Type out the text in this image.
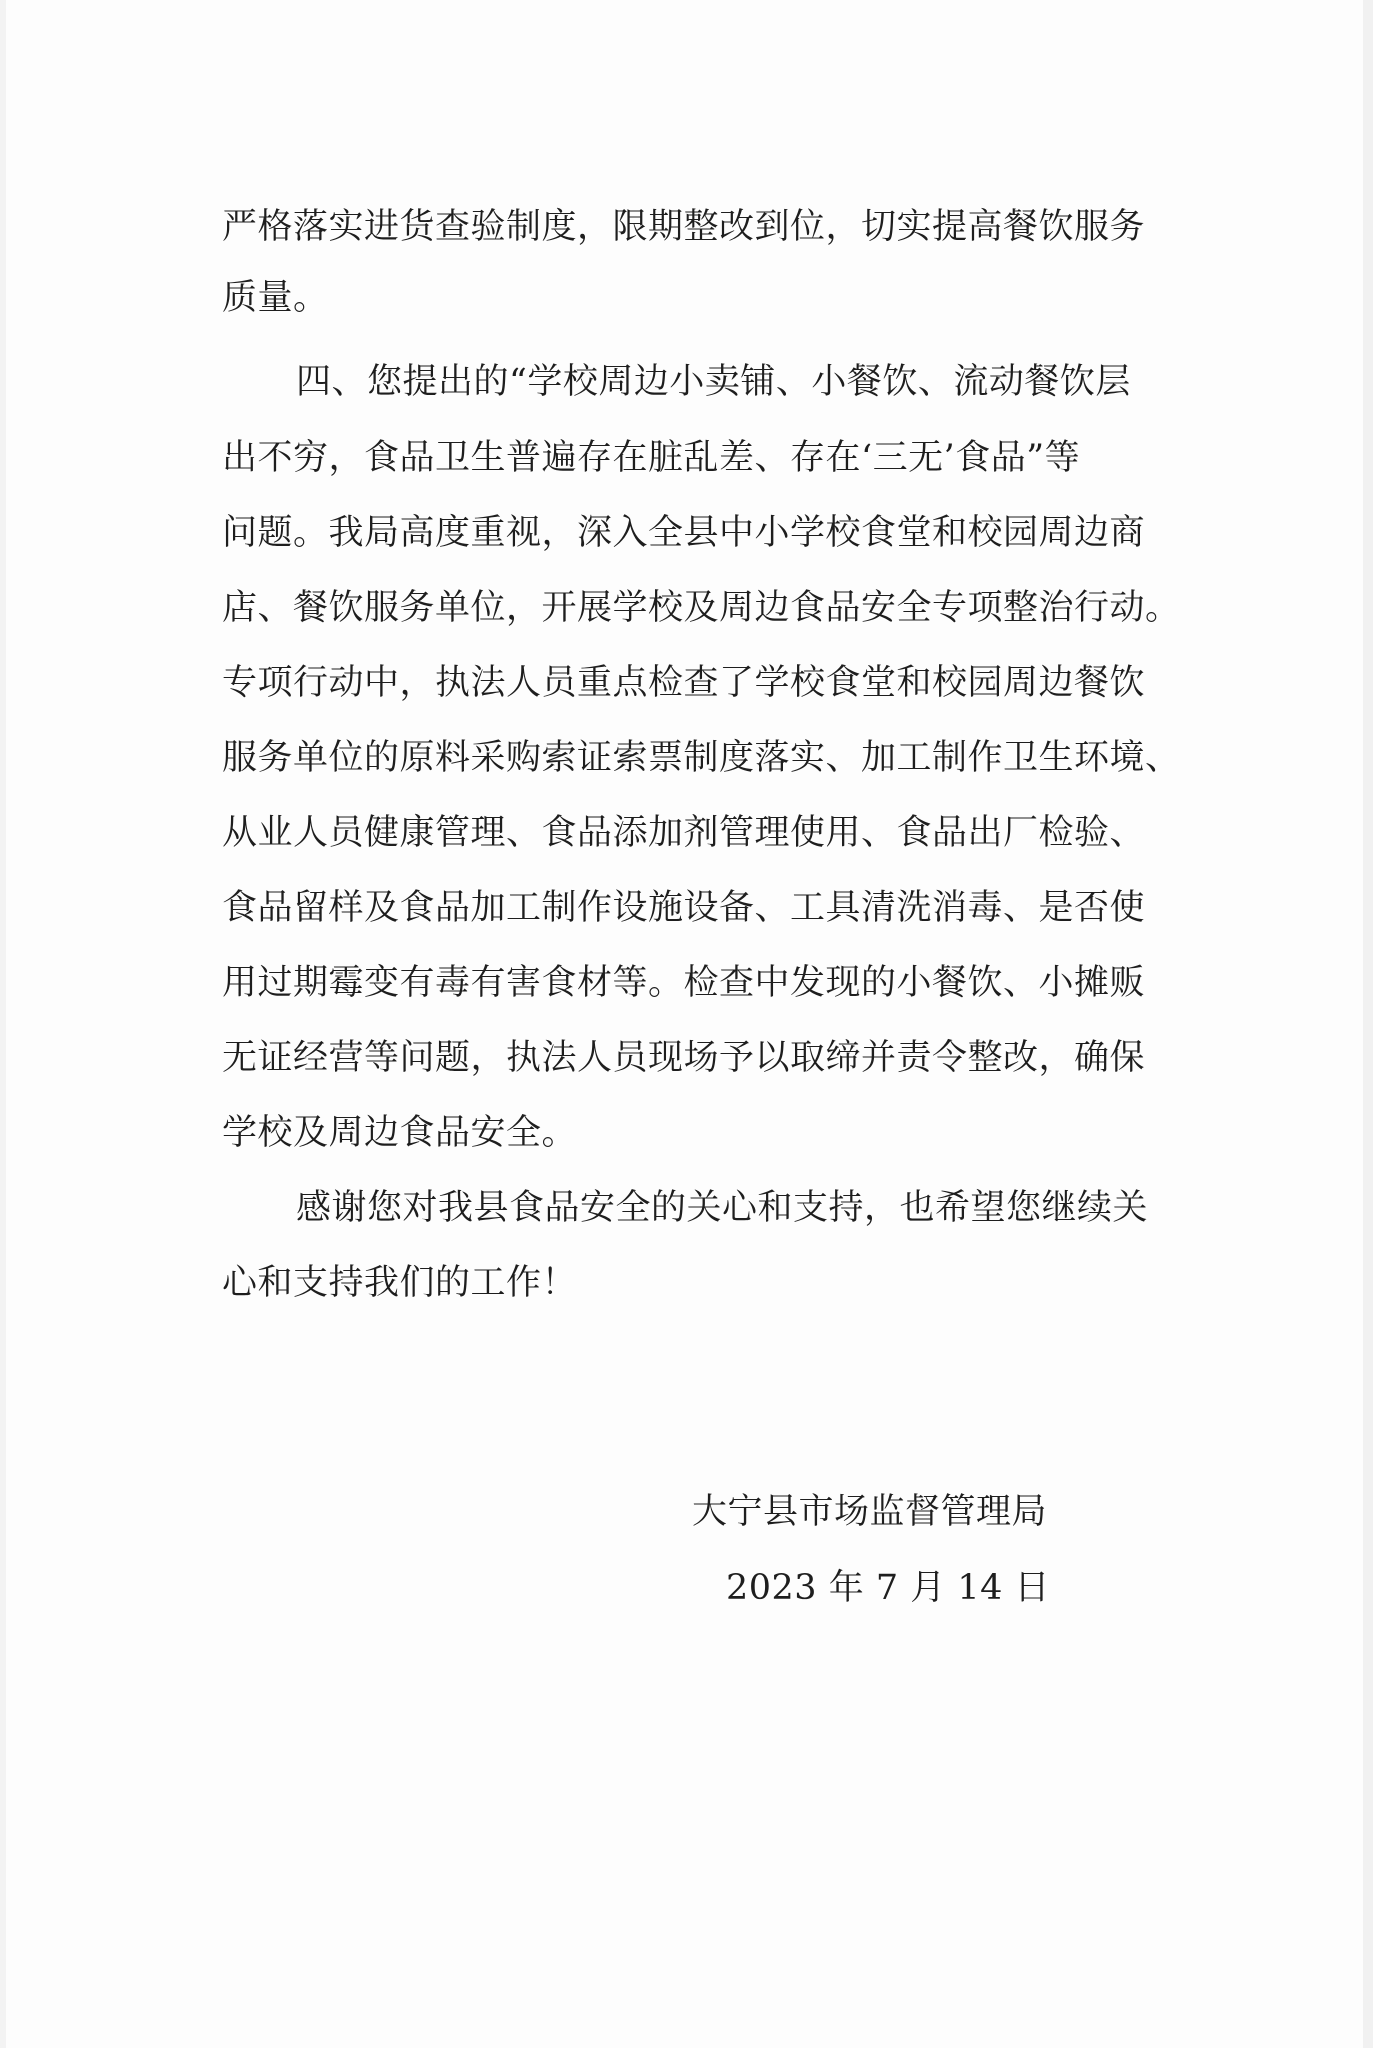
严格落实进货查验制度，限期整改到位，切实提高餐饮服务

质量。

四、您提出的“学校周边小卖铺、小餐饮、流动餐饮层

出不穷，食品卫生普遍存在脏乱差、存在‘三无’食品”等

问题。我局高度重视，深入全县中小学校食堂和校园周边商

店、餐饮服务单位，开展学校及周边食品安全专项整治行动。

专项行动中，执法人员重点检查了学校食堂和校园周边餐饮

服务单位的原料采购索证索票制度落实、加工制作卫生环境、

从业人员健康管理、食品添加剂管理使用、食品出厂检验、

食品留样及食品加工制作设施设备、工具清洗消毒、是否使

用过期霉变有毒有害食材等。检查中发现的小餐饮、小摊贩

无证经营等问题，执法人员现场予以取缔并责令整改，确保

学校及周边食品安全。

感谢您对我县食品安全的关心和支持，也希望您继续关

心和支持我们的工作！

大宁县市场监督管理局

2023 年 7 月 14 日
